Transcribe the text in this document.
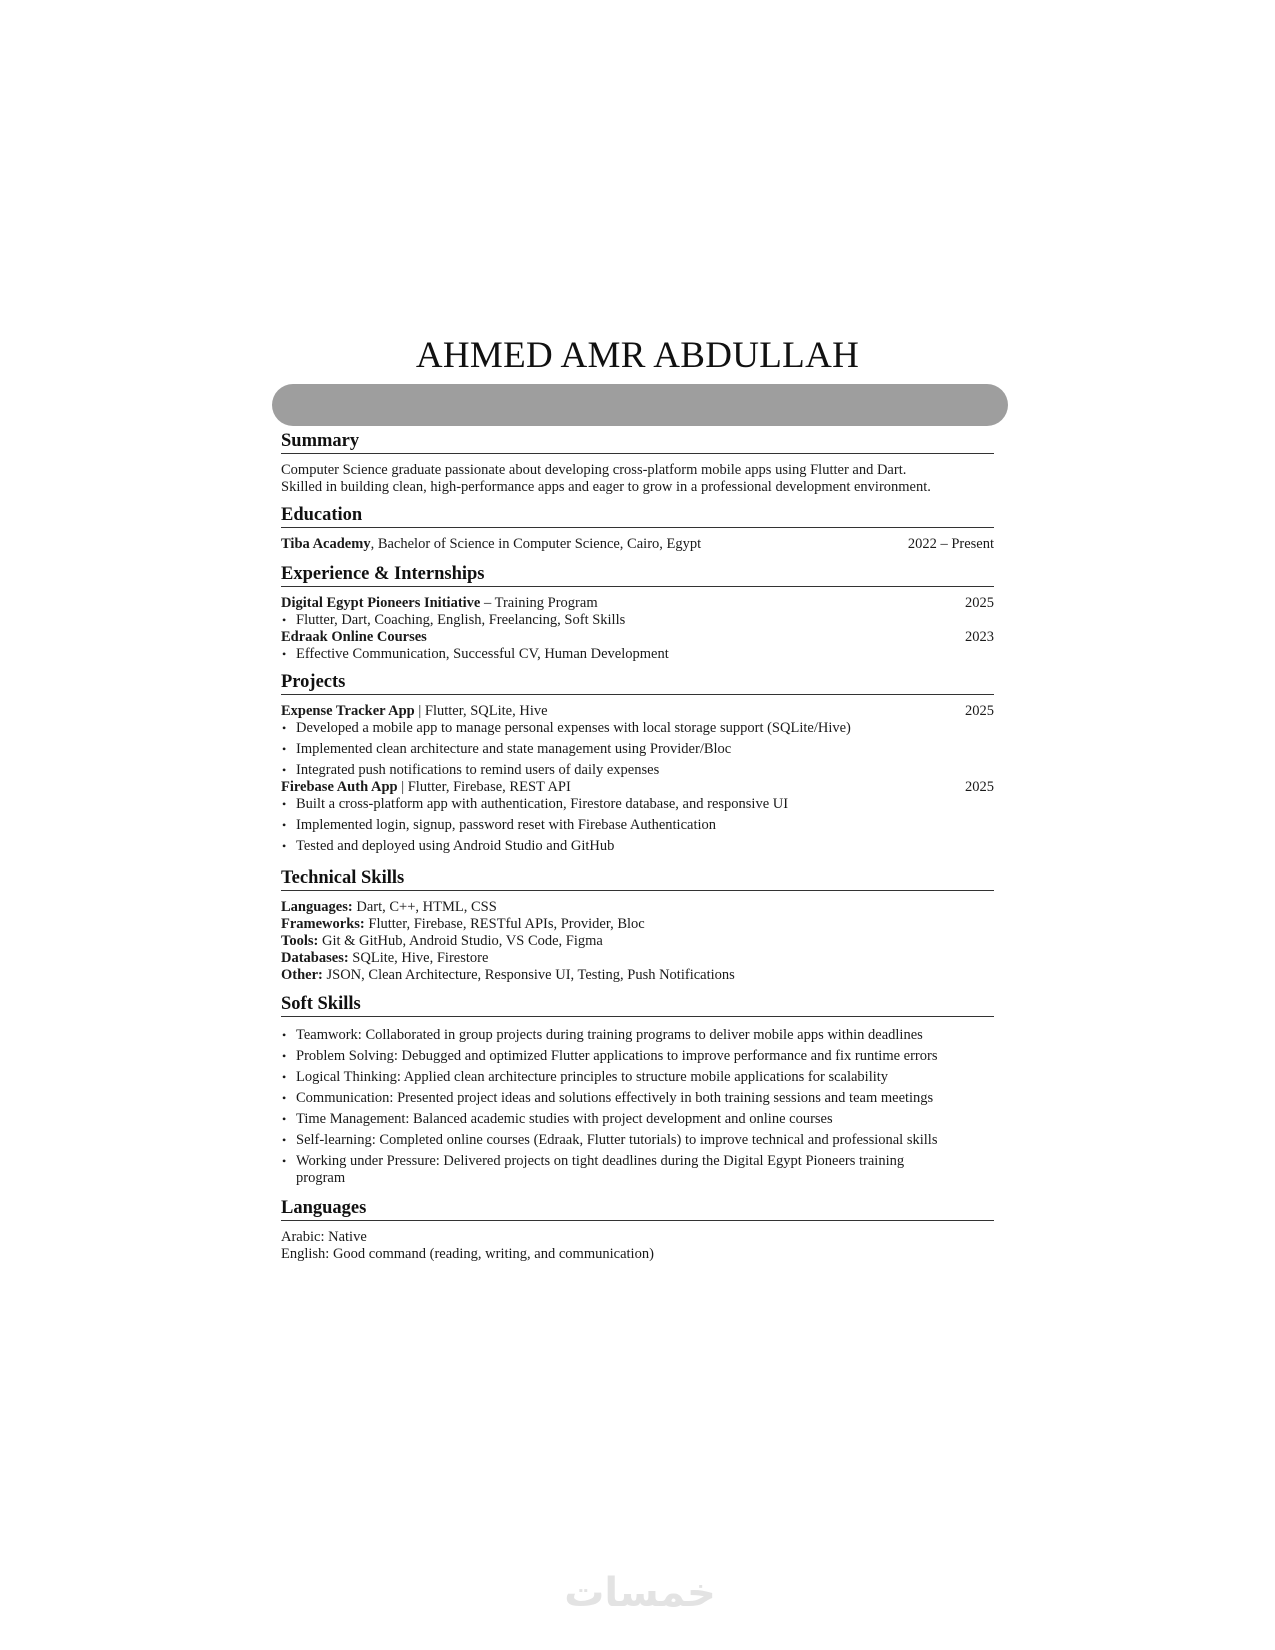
AHMED AMR ABDULLAH
Summary
Computer Science graduate passionate about developing cross-platform mobile apps using Flutter and Dart.
Skilled in building clean, high-performance apps and eager to grow in a professional development environment.
Education
Tiba Academy, Bachelor of Science in Computer Science, Cairo, Egypt	2022 – Present
Experience & Internships
Digital Egypt Pioneers Initiative – Training Program	2025
• Flutter, Dart, Coaching, English, Freelancing, Soft Skills
Edraak Online Courses	2023
• Effective Communication, Successful CV, Human Development
Projects
Expense Tracker App | Flutter, SQLite, Hive	2025
• Developed a mobile app to manage personal expenses with local storage support (SQLite/Hive)
• Implemented clean architecture and state management using Provider/Bloc
• Integrated push notifications to remind users of daily expenses
Firebase Auth App | Flutter, Firebase, REST API	2025
• Built a cross-platform app with authentication, Firestore database, and responsive UI
• Implemented login, signup, password reset with Firebase Authentication
• Tested and deployed using Android Studio and GitHub
Technical Skills
Languages: Dart, C++, HTML, CSS
Frameworks: Flutter, Firebase, RESTful APIs, Provider, Bloc
Tools: Git & GitHub, Android Studio, VS Code, Figma
Databases: SQLite, Hive, Firestore
Other: JSON, Clean Architecture, Responsive UI, Testing, Push Notifications
Soft Skills
• Teamwork: Collaborated in group projects during training programs to deliver mobile apps within deadlines
• Problem Solving: Debugged and optimized Flutter applications to improve performance and fix runtime errors
• Logical Thinking: Applied clean architecture principles to structure mobile applications for scalability
• Communication: Presented project ideas and solutions effectively in both training sessions and team meetings
• Time Management: Balanced academic studies with project development and online courses
• Self-learning: Completed online courses (Edraak, Flutter tutorials) to improve technical and professional skills
• Working under Pressure: Delivered projects on tight deadlines during the Digital Egypt Pioneers training program
Languages
Arabic: Native
English: Good command (reading, writing, and communication)
خمسات
